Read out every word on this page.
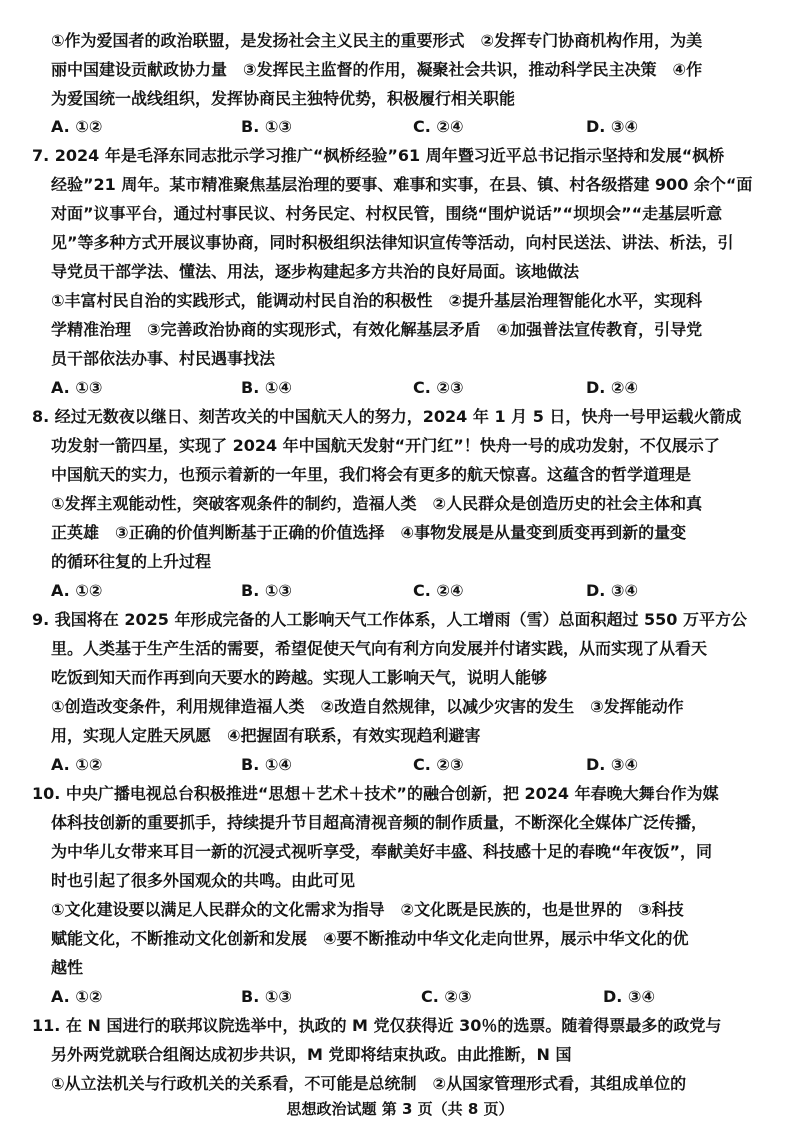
①作为爱国者的政治联盟，是发扬社会主义民主的重要形式　②发挥专门协商机构作用，为美
丽中国建设贡献政协力量　③发挥民主监督的作用，凝聚社会共识，推动科学民主决策　④作
为爱国统一战线组织，发挥协商民主独特优势，积极履行相关职能
A. ①②	B. ①③	C. ②④	D. ③④
7. 2024 年是毛泽东同志批示学习推广“枫桥经验”61 周年暨习近平总书记指示坚持和发展“枫桥
经验”21 周年。某市精准聚焦基层治理的要事、难事和实事，在县、镇、村各级搭建 900 余个“面
对面”议事平台，通过村事民议、村务民定、村权民管，围绕“围炉说话”“坝坝会”“走基层听意
见”等多种方式开展议事协商，同时积极组织法律知识宣传等活动，向村民送法、讲法、析法，引
导党员干部学法、懂法、用法，逐步构建起多方共治的良好局面。该地做法
①丰富村民自治的实践形式，能调动村民自治的积极性　②提升基层治理智能化水平，实现科
学精准治理　③完善政治协商的实现形式，有效化解基层矛盾　④加强普法宣传教育，引导党
员干部依法办事、村民遇事找法
A. ①③	B. ①④	C. ②③	D. ②④
8. 经过无数夜以继日、刻苦攻关的中国航天人的努力，2024 年 1 月 5 日，快舟一号甲运载火箭成
功发射一箭四星，实现了 2024 年中国航天发射“开门红”！快舟一号的成功发射，不仅展示了
中国航天的实力，也预示着新的一年里，我们将会有更多的航天惊喜。这蕴含的哲学道理是
①发挥主观能动性，突破客观条件的制约，造福人类　②人民群众是创造历史的社会主体和真
正英雄　③正确的价值判断基于正确的价值选择　④事物发展是从量变到质变再到新的量变
的循环往复的上升过程
A. ①②	B. ①③	C. ②④	D. ③④
9. 我国将在 2025 年形成完备的人工影响天气工作体系，人工增雨（雪）总面积超过 550 万平方公
里。人类基于生产生活的需要，希望促使天气向有利方向发展并付诸实践，从而实现了从看天
吃饭到知天而作再到向天要水的跨越。实现人工影响天气，说明人能够
①创造改变条件，利用规律造福人类　②改造自然规律，以减少灾害的发生　③发挥能动作
用，实现人定胜天夙愿　④把握固有联系，有效实现趋利避害
A. ①②	B. ①④	C. ②③	D. ③④
10. 中央广播电视总台积极推进“思想＋艺术＋技术”的融合创新，把 2024 年春晚大舞台作为媒
体科技创新的重要抓手，持续提升节目超高清视音频的制作质量，不断深化全媒体广泛传播，
为中华儿女带来耳目一新的沉浸式视听享受，奉献美好丰盛、科技感十足的春晚“年夜饭”，同
时也引起了很多外国观众的共鸣。由此可见
①文化建设要以满足人民群众的文化需求为指导　②文化既是民族的，也是世界的　③科技
赋能文化，不断推动文化创新和发展　④要不断推动中华文化走向世界，展示中华文化的优
越性
A. ①②	B. ①③	C. ②③	D. ③④
11. 在 N 国进行的联邦议院选举中，执政的 M 党仅获得近 30％的选票。随着得票最多的政党与
另外两党就联合组阁达成初步共识，M 党即将结束执政。由此推断，N 国
①从立法机关与行政机关的关系看，不可能是总统制　②从国家管理形式看，其组成单位的
思想政治试题 第 3 页（共 8 页）
